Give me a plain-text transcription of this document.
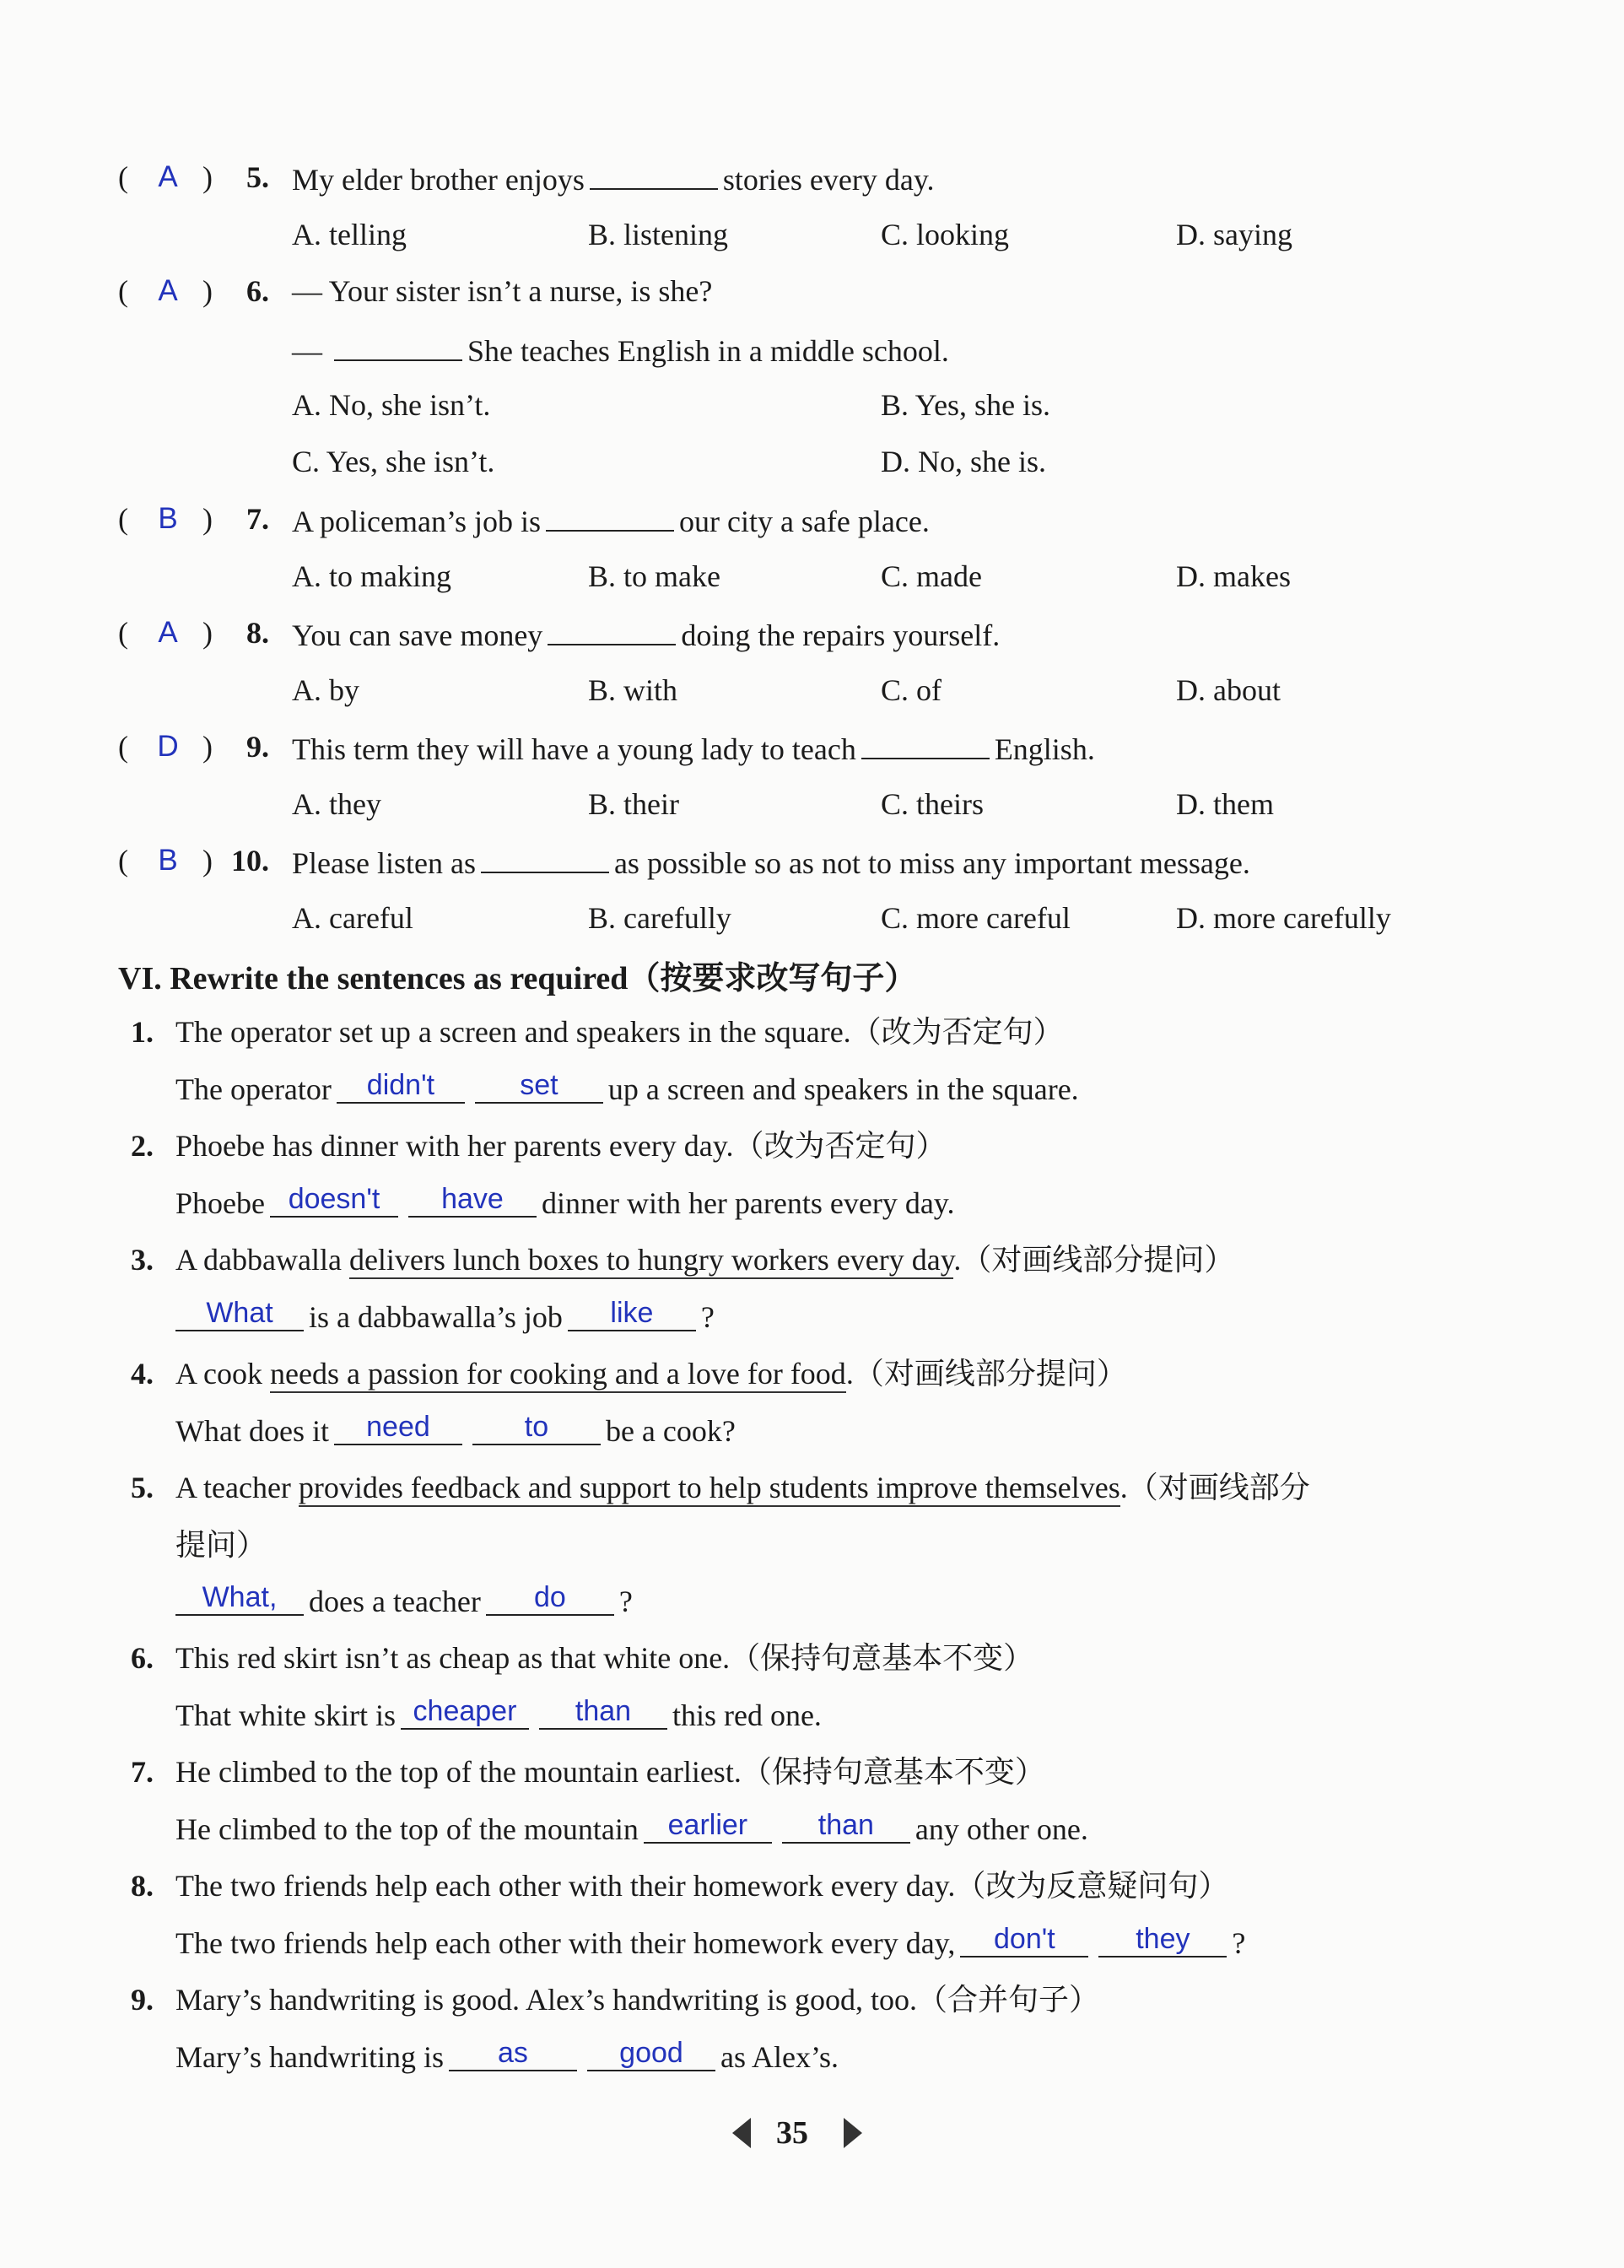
(	A ) 5. My elder brother enjoys	stories every day.
A. telling	B. listening	C. looking	D. saying
(	A ) 6. — Your sister isn’t a nurse, is she?
—	She teaches English in a middle school.
A. No, she isn’t.	B. Yes, she is.
C. Yes, she isn’t.	D. No, she is.
(	B ) 7. A policeman’s job is	our city a safe place.
A. to making	B. to make	C. made	D. makes
(	A ) 8. You can save money	doing the repairs yourself.
A. by	B. with	C. of	D. about
( D ) 9. This term they will have a young lady to teach	English.
A. they	B. their	C. theirs	D. them
(	B ) 10. Please listen as	as possible so as not to miss any important message.
A. careful	B. carefully	C. more careful	D. more carefully
VI. Rewrite the sentences as required（按要求改写句子）
1. The operator set up a screen and speakers in the square.（改为否定句）
The operator didn't	set up a screen and speakers in the square.
2. Phoebe has dinner with her parents every day.（改为否定句）
Phoebe doesn't have dinner with her parents every day.
3. A dabbawalla delivers lunch boxes to hungry workers every day.（对画线部分提问）
What is a dabbawalla’s job like ?
4. A cook needs a passion for cooking and a love for food.（对画线部分提问）
What does it need	to be a cook?
5. A teacher provides feedback and support to help students improve themselves.（对画线部分
提问）
What, does a teacher do ?
6. This red skirt isn’t as cheap as that white one.（保持句意基本不变）
That white skirt is cheaper than this red one.
7. He climbed to the top of the mountain earliest.（保持句意基本不变）
He climbed to the top of the mountain earlier than any other one.
8. The two friends help each other with their homework every day.（改为反意疑问句）
The two friends help each other with their homework every day, don't	they ?
9. Mary’s handwriting is good. Alex’s handwriting is good, too.（合并句子）
Mary’s handwriting is as	good as Alex’s.
35
